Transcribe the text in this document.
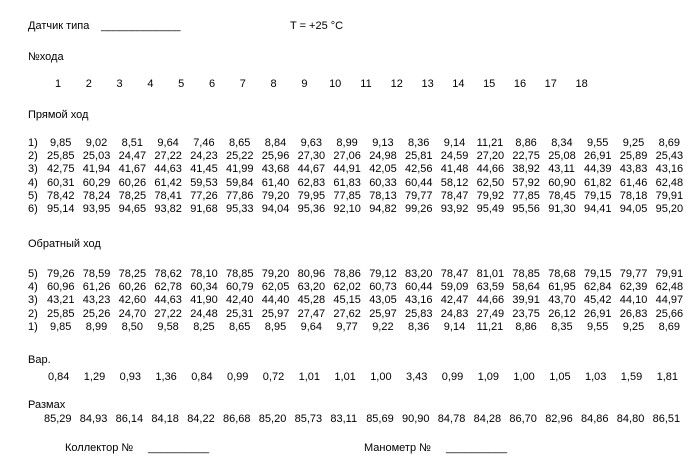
Датчик типа _____________	T = +25 °C
№хода
1 2 3 4 5 6 7 8 9 10 11 12 13 14 15 16 17 18
Прямой ход
1) 9,85 9,02 8,51 9,64 7,46 8,65 8,84 9,63 8,99 9,13 8,36 9,14 11,21 8,86 8,34 9,55 9,25 8,69
2) 25,85 25,03 24,47 27,22 24,23 25,22 25,96 27,30 27,06 24,98 25,81 24,59 27,20 22,75 25,08 26,91 25,89 25,43
3) 42,75 41,94 41,67 44,63 41,45 41,99 43,68 44,67 44,91 42,05 42,56 41,48 44,66 38,92 43,11 44,39 43,83 43,16
4) 60,31 60,29 60,26 61,42 59,53 59,84 61,40 62,83 61,83 60,33 60,44 58,12 62,50 57,92 60,90 61,82 61,46 62,48
5) 78,42 78,24 78,25 78,41 77,26 77,86 79,20 79,95 77,85 78,13 79,77 78,47 79,92 77,85 78,45 79,15 78,18 79,91
6) 95,14 93,95 94,65 93,82 91,68 95,33 94,04 95,36 92,10 94,82 99,26 93,92 95,49 95,56 91,30 94,41 94,05 95,20
Обратный ход
5) 79,26 78,59 78,25 78,62 78,10 78,85 79,20 80,96 78,86 79,12 83,20 78,47 81,01 78,85 78,68 79,15 79,77 79,91
4) 60,96 61,26 60,26 62,78 60,34 60,79 62,05 63,20 62,02 60,73 60,44 59,09 63,59 58,64 61,95 62,84 62,39 62,48
3) 43,21 43,23 42,60 44,63 41,90 42,40 44,40 45,28 45,15 43,05 43,16 42,47 44,66 39,91 43,70 45,42 44,10 44,97
2) 25,85 25,26 24,70 27,22 24,48 25,31 25,97 27,47 27,62 25,97 25,83 24,83 27,49 23,75 26,12 26,91 26,83 25,66
1) 9,85 8,99 8,50 9,58 8,25 8,65 8,95 9,64 9,77 9,22 8,36 9,14 11,21 8,86 8,35 9,55 9,25 8,69
Вар.
0,84 1,29 0,93 1,36 0,84 0,99 0,72 1,01 1,01 1,00 3,43 0,99 1,09 1,00 1,05 1,03 1,59 1,81
Размах
85,29 84,93 86,14 84,18 84,22 86,68 85,20 85,73 83,11 85,69 90,90 84,78 84,28 86,70 82,96 84,86 84,80 86,51
Коллектор № __________	Манометр № __________
